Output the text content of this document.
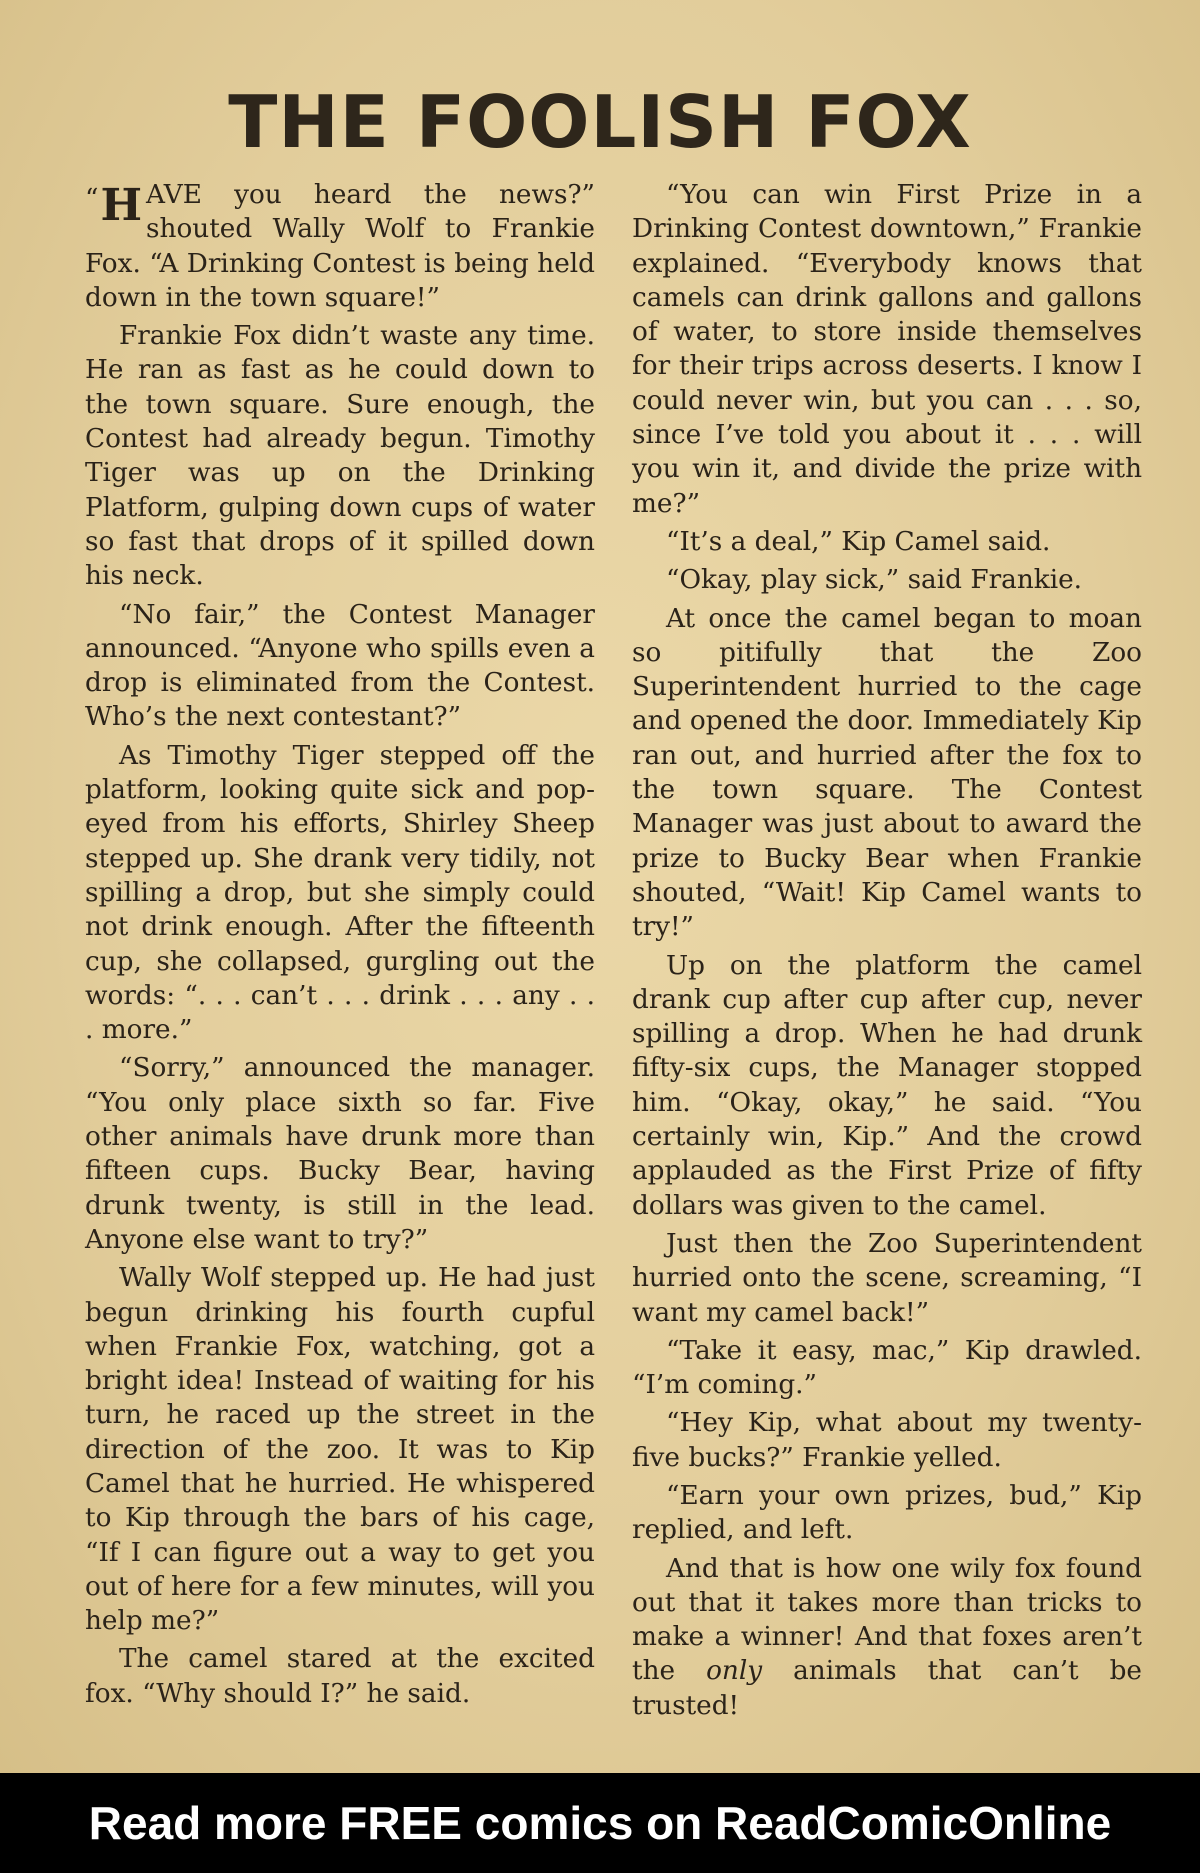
THE FOOLISH FOX

“ H AVE you heard the news?” shouted Wally Wolf to Frankie Fox. “A Drinking Contest is being held down in the town square!”

Frankie Fox didn’t waste any time. He ran as fast as he could down to the town square. Sure enough, the Contest had already begun. Timothy Tiger was up on the Drinking Platform, gulping down cups of water so fast that drops of it spilled down his neck.

“No fair,” the Contest Manager announced. “Anyone who spills even a drop is eliminated from the Contest. Who’s the next contestant?”

As Timothy Tiger stepped off the platform, looking quite sick and pop-eyed from his efforts, Shirley Sheep stepped up. She drank very tidily, not spilling a drop, but she simply could not drink enough. After the fifteenth cup, she collapsed, gurgling out the words: “. . . can’t . . . drink . . . any . . . more.”

“Sorry,” announced the manager. “You only place sixth so far. Five other animals have drunk more than fifteen cups. Bucky Bear, having drunk twenty, is still in the lead. Anyone else want to try?”

Wally Wolf stepped up. He had just begun drinking his fourth cupful when Frankie Fox, watching, got a bright idea! Instead of waiting for his turn, he raced up the street in the direction of the zoo. It was to Kip Camel that he hurried. He whispered to Kip through the bars of his cage, “If I can figure out a way to get you out of here for a few minutes, will you help me?”

The camel stared at the excited fox. “Why should I?” he said.

“You can win First Prize in a Drinking Contest downtown,” Frankie explained. “Everybody knows that camels can drink gallons and gallons of water, to store inside themselves for their trips across deserts. I know I could never win, but you can . . . so, since I’ve told you about it . . . will you win it, and divide the prize with me?”

“It’s a deal,” Kip Camel said.

“Okay, play sick,” said Frankie.

At once the camel began to moan so pitifully that the Zoo Superintendent hurried to the cage and opened the door. Immediately Kip ran out, and hurried after the fox to the town square. The Contest Manager was just about to award the prize to Bucky Bear when Frankie shouted, “Wait! Kip Camel wants to try!”

Up on the platform the camel drank cup after cup after cup, never spilling a drop. When he had drunk fifty-six cups, the Manager stopped him. “Okay, okay,” he said. “You certainly win, Kip.” And the crowd applauded as the First Prize of fifty dollars was given to the camel.

Just then the Zoo Superintendent hurried onto the scene, screaming, “I want my camel back!”

“Take it easy, mac,” Kip drawled. “I’m coming.”

“Hey Kip, what about my twenty-five bucks?” Frankie yelled.

“Earn your own prizes, bud,” Kip replied, and left.

And that is how one wily fox found out that it takes more than tricks to make a winner! And that foxes aren’t the only animals that can’t be trusted!

Read more FREE comics on ReadComicOnline
